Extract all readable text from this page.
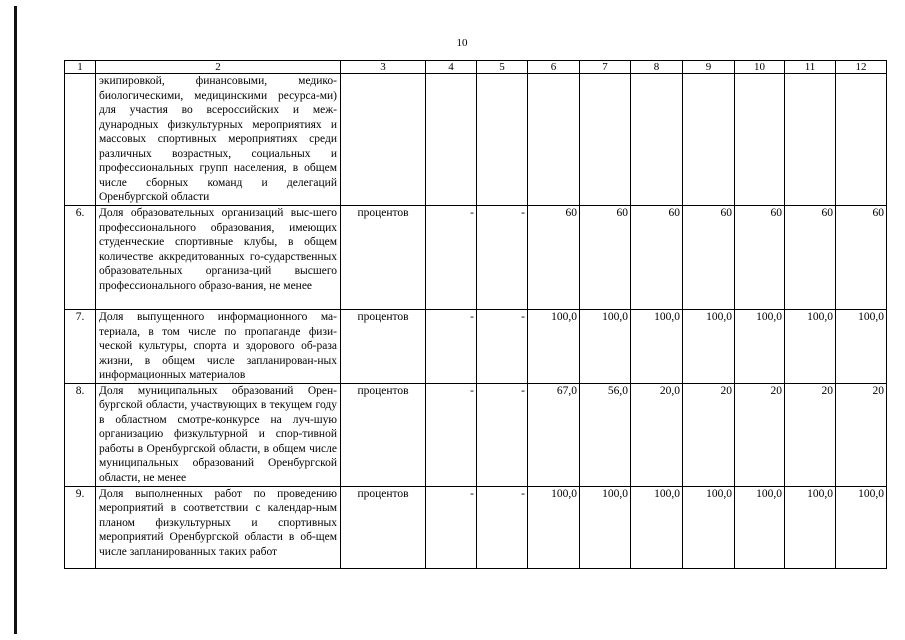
10
1	2	3	4	5	6	7	8	9	10	11	12
	экипировкой, финансовыми, медико-биологическими, медицинскими ресурса-ми) для участия во всероссийских и меж-дународных физкультурных мероприятиях и массовых спортивных мероприятиях среди различных возрастных, социальных и профессиональных групп населения, в общем числе сборных команд и делегаций Оренбургской области										
6.	Доля образовательных организаций выс-шего профессионального образования, имеющих студенческие спортивные клубы, в общем количестве аккредитованных го-сударственных образовательных организа-ций высшего профессионального образо-вания, не менее	процентов	-	-	60	60	60	60	60	60	60
7.	Доля выпущенного информационного ма-териала, в том числе по пропаганде физи-ческой культуры, спорта и здорового об-раза жизни, в общем числе запланирован-ных информационных материалов	процентов	-	-	100,0	100,0	100,0	100,0	100,0	100,0	100,0
8.	Доля муниципальных образований Орен-бургской области, участвующих в текущем году в областном смотре-конкурсе на луч-шую организацию физкультурной и спор-тивной работы в Оренбургской области, в общем числе муниципальных образований Оренбургской области, не менее	процентов	-	-	67,0	56,0	20,0	20	20	20	20
9.	Доля выполненных работ по проведению мероприятий в соответствии с календар-ным планом физкультурных и спортивных мероприятий Оренбургской области в об-щем числе запланированных таких работ	процентов	-	-	100,0	100,0	100,0	100,0	100,0	100,0	100,0
